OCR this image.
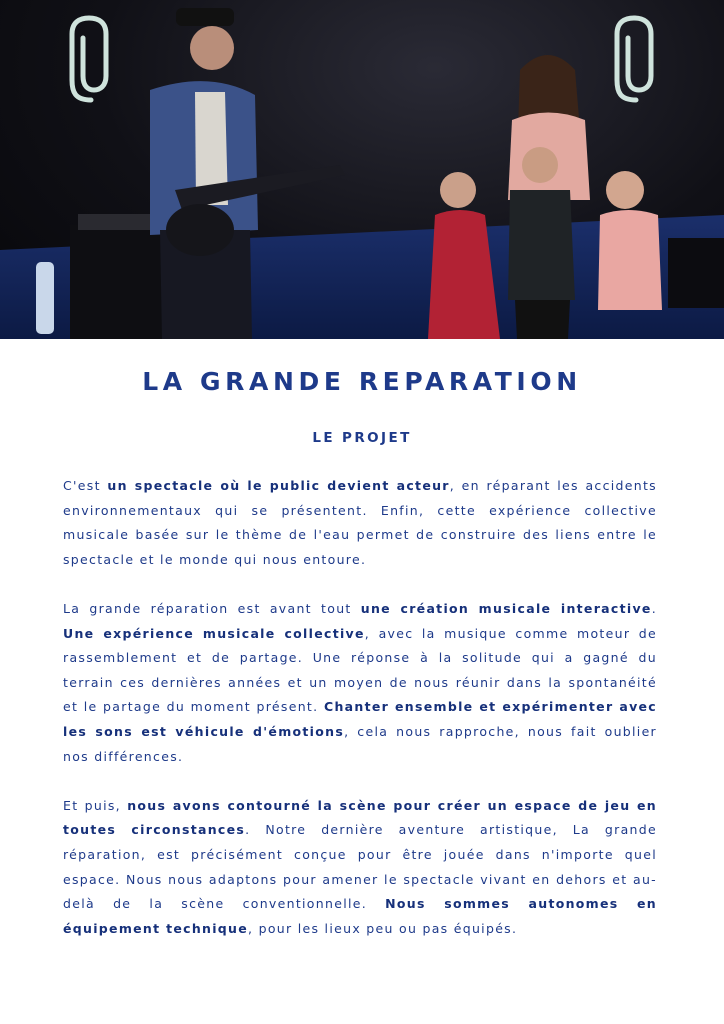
LA GRANDE REPARATION
LE PROJET

C'est un spectacle où le public devient acteur, en réparant les accidents environnementaux qui se présentent. Enfin, cette expérience collective musicale basée sur le thème de l'eau permet de construire des liens entre le spectacle et le monde qui nous entoure.

La grande réparation est avant tout une création musicale interactive. Une expérience musicale collective, avec la musique comme moteur de rassemblement et de partage. Une réponse à la solitude qui a gagné du terrain ces dernières années et un moyen de nous réunir dans la spontanéité et le partage du moment présent. Chanter ensemble et expérimenter avec les sons est véhicule d'émotions, cela nous rapproche, nous fait oublier nos différences.

Et puis, nous avons contourné la scène pour créer un espace de jeu en toutes circonstances. Notre dernière aventure artistique, La grande réparation, est précisément conçue pour être jouée dans n'importe quel espace. Nous nous adaptons pour amener le spectacle vivant en dehors et au-delà de la scène conventionnelle. Nous sommes autonomes en équipement technique, pour les lieux peu ou pas équipés.
